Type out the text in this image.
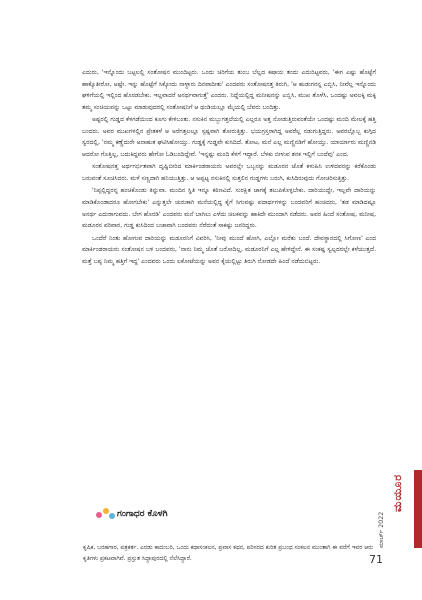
ಎದುರು, 'ಇನ್ನೊಂದು ಬಟ್ಟಲಲ್ಲಿ ಸಂತೋಷನ ಮುಂದಿಟ್ಟರು. ಒಂದು ಚಿರಿಗೆಯ ತುಂಬ ಬೆಲ್ಲದ ಕಷಾಯ ತಂದು ಎದುರಿಟ್ಟವರು, 'ಈಗ ಎಷ್ಟು ಹೊಟ್ಟೆಗೆ ಹಾಕ್ಕೊತೀರೋ, ಅಷ್ಟೇ. ಇನ್ನು ಹೊಟ್ಟೆಗೆ ಸಿಕ್ಕೋದು ನಾಳ್ದಾರು ದಿನವಾದೀತು' ಎಂದವರು ಸಂತೋಷನತ್ತ ತಿರುಗಿ, 'ಆ ಹುಡುಗನನ್ನ ಎಬ್ಬಿಸಿ, ನೀವೆಲ್ಲ ಇನ್ನೊಂದು ಘಳಿಗೆಯಲ್ಲಿ ಇಲ್ಲಿಂದ ಹೊರಡಬೇಕು. ಇಲ್ಲವಾದರೆ ಅನರ್ಥವಾಗುತ್ತೆ' ಎಂದರು. ನಿದ್ದೆಯಲ್ಲಿದ್ದ ಮನೀಷನನ್ನು ಎಬ್ಬಿಸಿ, ಮುಖ ತೊಳೆಸಿ, ಒಂದಷ್ಟು ಅವಲಕ್ಕಿ ಮಕ್ಕಿ ತಮ್ಮ ಸಂಚಿಯವನ್ನು ಒಟ್ಟು ಮಾಡುವುದರಲ್ಲಿ ಸಂತೋಷನಿಗೆ ಆ ಥಂಡಿಯಲ್ಲೂ ಮೈಯಲ್ಲಿ ಬೆವರು ಬಂದಿತ್ತು.

ಅಷ್ಟರಲ್ಲಿ ಗುಡ್ಡದ ಕೆಳಗಡೆಯಿಂದ ಕೂಗು ಕೇಳಿಬಂತು. ನಸುಕಿನ ಮಬ್ಬುಗತ್ತಲೆಯಲ್ಲಿ ಎಲ್ಲರೂ ಅತ್ತ ನೋಡುತ್ತಿರುವಂತೆಯೇ ಒಂದಷ್ಟು ಮಂದಿ ಮೇಲಕ್ಕೆ ಹತ್ತಿ ಬಂದರು. ಅವರ ಮುಖಗಳಲ್ಲಿನ ಪ್ರೇತಕಳೆ ಆ ಅರೆಗತ್ತಲಲ್ಲೂ ಸ್ಪಷ್ಟವಾಗಿ ತೋರುತ್ತಿತ್ತು. ಭಯಗ್ರಸ್ತರಾಗಿದ್ದ ಅವರೆಲ್ಲ ನಡುಗುತ್ತಿದ್ದರು. ಅವರಲ್ಲೊಬ್ಬ ಕುಗ್ಗಿದ ಸ್ವರದಲ್ಲಿ, 'ನಮ್ಮ ಕಣ್ಣೆದುರೇ ಅನಾಹುತ ಘಟಿಸಿಹೋಯ್ತು. ಗುಡ್ಡಕ್ಕೆ ಗುಡ್ಡವೇ ಕುಸಿದಿದೆ. ತೋಟ, ಮನೆ ಎಲ್ಲ ಮಣ್ಣಿನಡಿಗೆ ಹೋಯ್ತು. ಯಾರ್ಯಾರು ಮಣ್ಣಿನಡಿ ಆದರೋ ಗೊತ್ತಿಲ್ಲ, ಬದುಕಿದ್ದವರು ಹೇಗೋ ಓಡಿಬಂದಿದ್ದೇವೆ. 'ಇನ್ನಷ್ಟು ಮಂದಿ ಕೆಳಗೆ ಇದ್ದಾರೆ. ಬೆಳಕು ಬೀಳುವ ತನಕ ಇಲ್ಲಿಗೆ ಬಂದೆವು' ಎಂದ.

ಸಂತೋಷನತ್ತ ಅರ್ಥಗರ್ಭಿತವಾಗಿ ದೃಷ್ಟಿಬೀರಿದ ಮಾರ್ಕಿಂಡರಾಯರು ಅವರಲ್ಲೇ ಒಬ್ಬನನ್ನು ಮಡೂರನ ಜೊತೆ ಕಳುಹಿಸಿ ಉಳಿದವರನ್ನು ಕರೆಕೊಂಡು ಬರುವಂತೆ ಸೂಚಿಸಿದರು. ಮಳೆ ಸಣ್ಣದಾಗಿ ಹನಿಯುತ್ತಿತ್ತು. ಆ ಅಪ್ಪಟ್ಟ ನಸುಕಿನಲ್ಲಿ ಸುತ್ತಲಿನ ಗುಡ್ಡಗಳು ಬರುಗಿ, ಕುಸಿದಿರುವುದು ಗೋಚರಿಸುತ್ತಿತ್ತು.

'ನಿಪ್ಪಲ್ಲಿದ್ದರನ್ನ ಹಂಚಿಕೊಂಡು ತಿನ್ನುವಾ. ಮಂದಿನ ಸ್ಥಿತಿ ಇನ್ನೂ ಕಠಿಣವಿದೆ. ಸುರಕ್ಷಿತ ಜಾಗಕ್ಕೆ ತಲುಪಿಕೊಳ್ಳಬೇಕು. ದಾರಿಯುದ್ದೇ, ಇಲ್ಲವೇ ದಾರಿಯನ್ನು ಮಾಡಿಕೊಂಡಾದರೂ ಹೋಗಬೇಕು' ಎನ್ನುತ್ತಲೇ ಚುರುಕಾಗಿ ಮನೆಯಲ್ಲಿದ್ದ ಕೈಗೆ ಸಿಗುವಷ್ಟು ಪದಾರ್ಥಗಳನ್ನು ಬಂದವರಿಗೆ ಹಂಚಿದರು, 'ತಡ ಮಾಡಿದಷ್ಟೂ ಅನರ್ಥ ಎದುರಾಗುವದು. ಬೇಗ ಹೊರಡಿ' ಎಂದವರು ಮನೆ ಬಾಗಿಲು ಎಳೆದು ಚಿಲಕವನ್ನು ಹಾಕಿದೇ ಮುಂದಾಗಿ ನಡೆದರು. ಅವರ ಹಿಂದೆ ಸಂತೋಷ, ಮನೀಷ, ಮಡೂರನ ಪರಿವಾರ, ಗುಡ್ಡ ಕುಸಿದಿಂದ ಬಚಾವಾಗಿ ಬಂದವರು ನೆರೆದಂತೆ ಸಾಕಷ್ಟು ಜನರಿದ್ದರು.

ಒಂದೆರೆ ನಿಂತು ಹೋಗುವ ದಾರಿಯನ್ನು ಮಡೂರನಿಗೆ ವಿವರಿಸಿ, 'ನೀವು ಮುಂದೆ ಹೋಗಿ, ಎಲ್ಲೋ ಮರೆತು ಬಂದೆ. ದೇವಸ್ಥಾನದಲ್ಲಿ ಸಿಗೋಣ' ಎಂದ ಮಾರ್ಕಿಂಡರಾಯರು ಸಂತೋಷನ ಬಳಿ ಬಂದವರು, 'ನಾನು ನಿಮ್ಮ ಜೊತೆ ಬರೋದಿಲ್ಲ, ಮಡೂರನಿಗೆ ಎಲ್ಲ ಹೇಳಿದ್ದೇನೆ. ಈ ಸಂಕಷ್ಟ ಸ್ವಲ್ಪದರಲ್ಲೇ ಕಳೆಯುತ್ತದೆ. ಮತ್ತೆ ಬಪ್ಪ ನಿಮ್ಮ ಹತ್ತಿಗೆ ಇದ್ದ' ಎಂದವರು ಒಂದು ಲಕೋಟೆಯನ್ನು ಅವನ ಕೈಯಲ್ಲಿಟ್ಟು ತಿರುಗಿ ನೋಡದೇ ಹಿಂದೆ ನಡೆದುಬಿಟ್ಟರು.

ಗಂಗಾಧರ ಕೊಳಗಿ
ಕೃಷಿಕ, ಬರಹಗಾರ, ಪತ್ರಕರ್ತ. ಎರಡು ಕಾದಂಬರಿ, ಒಂದು ಕಥಾಸಂಕಲನ, ಪ್ರವಾಸ ಕಥನ, ಪರಿಸರದ ಕುರಿತ ಪ್ರಬಂಧ ಸಂಕಲನ ಮುಂತಾಗಿ ಈ ವರೆಗೆ ಇವರ ಆರು ಕೃತಿಗಳು ಪ್ರಕಟವಾಗಿವೆ. ಪ್ರಸ್ತುತ ಸಿದ್ದಾಪುರದಲ್ಲಿ ನೆಲೆಸಿದ್ದಾರೆ.
ಮಯೂರ
ಮಾರ್ಚ್ 2022
71
